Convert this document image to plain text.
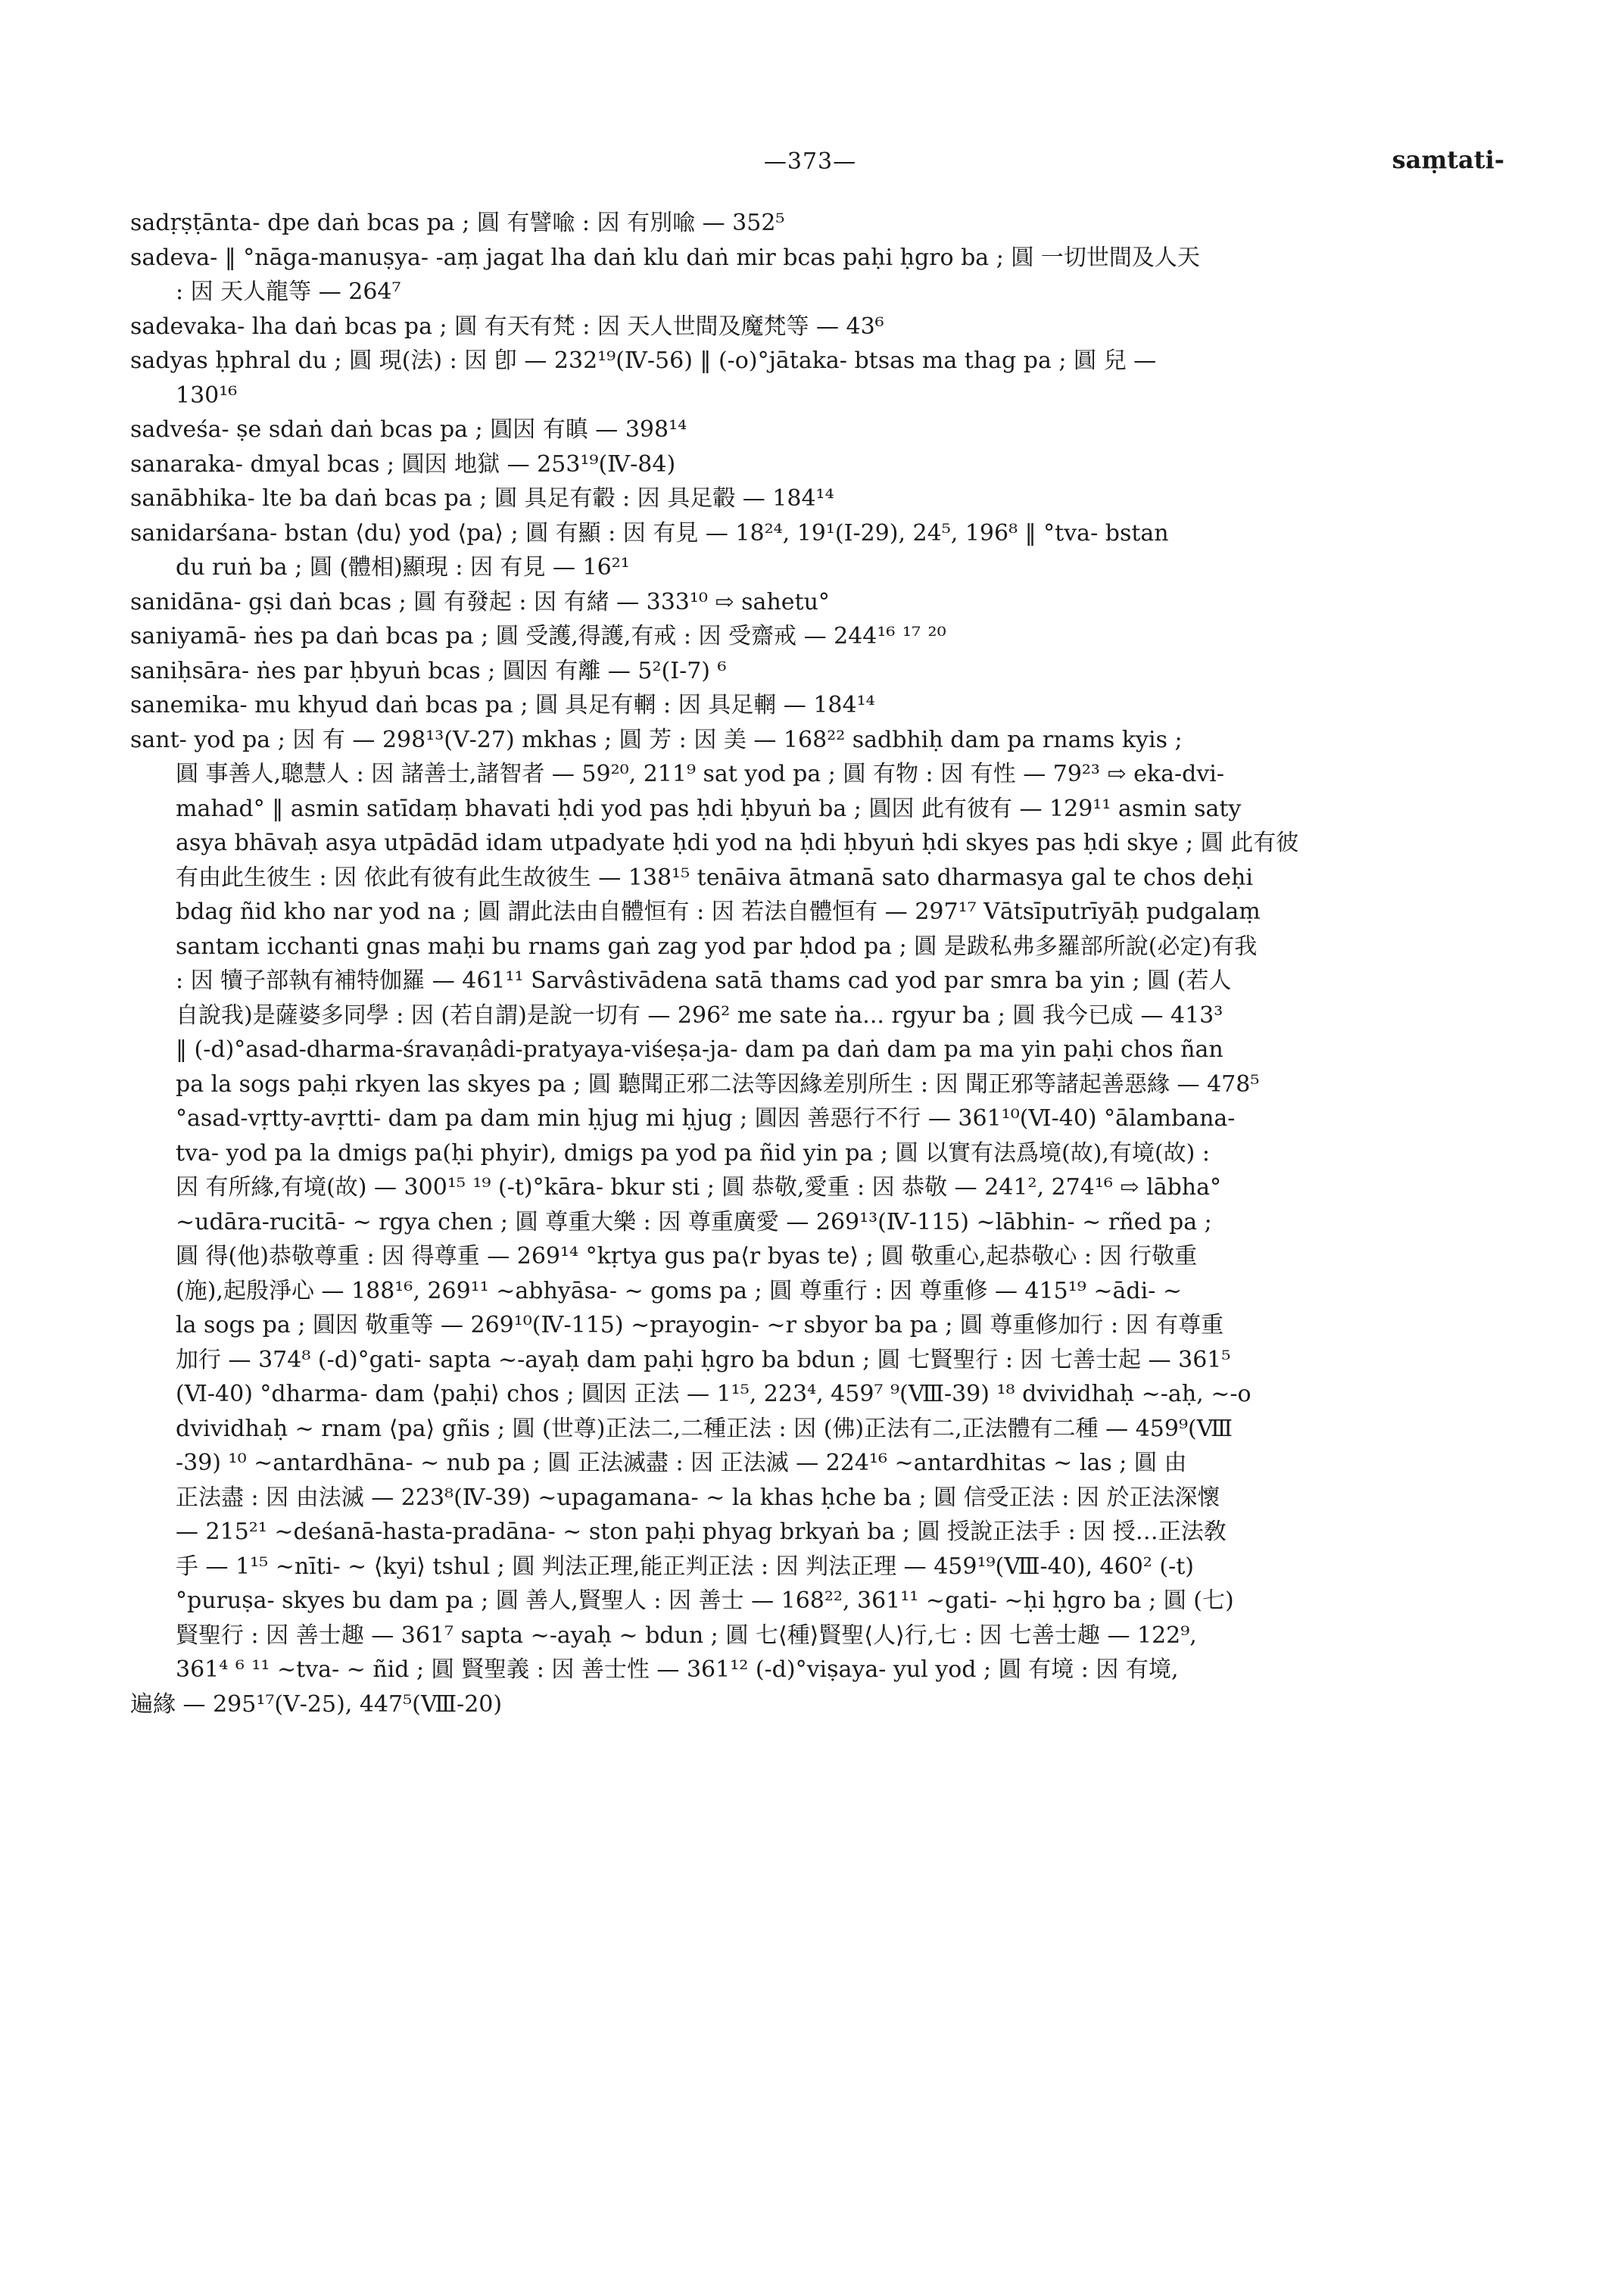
—373—	saṃtati-
sadṛṣṭānta- dpe daṅ bcas pa ; 圓 有譬喩 : 因 有別喩 — 352⁵
sadeva- ‖ °nāga-manuṣya- -aṃ jagat lha daṅ klu daṅ mir bcas paḥi ḥgro ba ; 圓 一切世間及人天
: 因 天人龍等 — 264⁷
sadevaka- lha daṅ bcas pa ; 圓 有天有梵 : 因 天人世間及魔梵等 — 43⁶
sadyas ḥphral du ; 圓 現(法) : 因 卽 — 232¹⁹(Ⅳ-56) ‖ (-o)°jātaka- btsas ma thag pa ; 圓 兒 —
130¹⁶
sadveśa- ṣe sdaṅ daṅ bcas pa ; 圓因 有瞋 — 398¹⁴
sanaraka- dmyal bcas ; 圓因 地獄 — 253¹⁹(Ⅳ-84)
sanābhika- lte ba daṅ bcas pa ; 圓 具足有轂 : 因 具足轂 — 184¹⁴
sanidarśana- bstan ⟨du⟩ yod ⟨pa⟩ ; 圓 有顯 : 因 有見 — 18²⁴, 19¹(Ⅰ-29), 24⁵, 196⁸ ‖ °tva- bstan
du ruṅ ba ; 圓 (體相)顯現 : 因 有見 — 16²¹
sanidāna- gṣi daṅ bcas ; 圓 有發起 : 因 有緒 — 333¹⁰ ⇨ sahetu°
saniyamā- ṅes pa daṅ bcas pa ; 圓 受護,得護,有戒 : 因 受齋戒 — 244¹⁶ ¹⁷ ²⁰
saniḥsāra- ṅes par ḥbyuṅ bcas ; 圓因 有離 — 5²(Ⅰ-7) ⁶
sanemika- mu khyud daṅ bcas pa ; 圓 具足有輞 : 因 具足輞 — 184¹⁴
sant- yod pa ; 因 有 — 298¹³(Ⅴ-27) mkhas ; 圓 芳 : 因 美 — 168²² sadbhiḥ dam pa rnams kyis ;
圓 事善人,聰慧人 : 因 諸善士,諸智者 — 59²⁰, 211⁹ sat yod pa ; 圓 有物 : 因 有性 — 79²³ ⇨ eka-dvi-
mahad° ‖ asmin satīdaṃ bhavati ḥdi yod pas ḥdi ḥbyuṅ ba ; 圓因 此有彼有 — 129¹¹ asmin saty
asya bhāvaḥ asya utpādād idam utpadyate ḥdi yod na ḥdi ḥbyuṅ ḥdi skyes pas ḥdi skye ; 圓 此有彼
有由此生彼生 : 因 依此有彼有此生故彼生 — 138¹⁵ tenāiva ātmanā sato dharmasya gal te chos deḥi
bdag ñid kho nar yod na ; 圓 謂此法由自體恒有 : 因 若法自體恒有 — 297¹⁷ Vātsīputrīyāḥ pudgalaṃ
santam icchanti gnas maḥi bu rnams gaṅ zag yod par ḥdod pa ; 圓 是跋私弗多羅部所說(必定)有我
: 因 犢子部執有補特伽羅 — 461¹¹ Sarvâstivādena satā thams cad yod par smra ba yin ; 圓 (若人
自說我)是薩婆多同學 : 因 (若自謂)是說一切有 — 296² me sate ṅa... rgyur ba ; 圓 我今已成 — 413³
‖ (-d)°asad-dharma-śravaṇâdi-pratyaya-viśeṣa-ja- dam pa daṅ dam pa ma yin paḥi chos ñan
pa la sogs paḥi rkyen las skyes pa ; 圓 聽聞正邪二法等因緣差別所生 : 因 聞正邪等諸起善惡緣 — 478⁵
°asad-vṛtty-avṛtti- dam pa dam min ḥjug mi ḥjug ; 圓因 善惡行不行 — 361¹⁰(Ⅵ-40) °ālambana-
tva- yod pa la dmigs pa(ḥi phyir), dmigs pa yod pa ñid yin pa ; 圓 以實有法爲境(故),有境(故) :
因 有所緣,有境(故) — 300¹⁵ ¹⁹ (-t)°kāra- bkur sti ; 圓 恭敬,愛重 : 因 恭敬 — 241², 274¹⁶ ⇨ lābha°
~udāra-rucitā- ~ rgya chen ; 圓 尊重大樂 : 因 尊重廣愛 — 269¹³(Ⅳ-115) ~lābhin- ~ rñed pa ;
圓 得(他)恭敬尊重 : 因 得尊重 — 269¹⁴ °kṛtya gus pa⟨r byas te⟩ ; 圓 敬重心,起恭敬心 : 因 行敬重
(施),起殷淨心 — 188¹⁶, 269¹¹ ~abhyāsa- ~ goms pa ; 圓 尊重行 : 因 尊重修 — 415¹⁹ ~ādi- ~
la sogs pa ; 圓因 敬重等 — 269¹⁰(Ⅳ-115) ~prayogin- ~r sbyor ba pa ; 圓 尊重修加行 : 因 有尊重
加行 — 374⁸ (-d)°gati- sapta ~-ayaḥ dam paḥi ḥgro ba bdun ; 圓 七賢聖行 : 因 七善士起 — 361⁵
(Ⅵ-40) °dharma- dam ⟨paḥi⟩ chos ; 圓因 正法 — 1¹⁵, 223⁴, 459⁷ ⁹(Ⅷ-39) ¹⁸ dvividhaḥ ~-aḥ, ~-o
dvividhaḥ ~ rnam ⟨pa⟩ gñis ; 圓 (世尊)正法二,二種正法 : 因 (佛)正法有二,正法體有二種 — 459⁹(Ⅷ
-39) ¹⁰ ~antardhāna- ~ nub pa ; 圓 正法滅盡 : 因 正法滅 — 224¹⁶ ~antardhitas ~ las ; 圓 由
正法盡 : 因 由法滅 — 223⁸(Ⅳ-39) ~upagamana- ~ la khas ḥche ba ; 圓 信受正法 : 因 於正法深懷
— 215²¹ ~deśanā-hasta-pradāna- ~ ston paḥi phyag brkyaṅ ba ; 圓 授說正法手 : 因 授…正法敎
手 — 1¹⁵ ~nīti- ~ ⟨kyi⟩ tshul ; 圓 判法正理,能正判正法 : 因 判法正理 — 459¹⁹(Ⅷ-40), 460² (-t)
°puruṣa- skyes bu dam pa ; 圓 善人,賢聖人 : 因 善士 — 168²², 361¹¹ ~gati- ~ḥi ḥgro ba ; 圓 (七)
賢聖行 : 因 善士趣 — 361⁷ sapta ~-ayaḥ ~ bdun ; 圓 七⟨種⟩賢聖⟨人⟩行,七 : 因 七善士趣 — 122⁹,
361⁴ ⁶ ¹¹ ~tva- ~ ñid ; 圓 賢聖義 : 因 善士性 — 361¹² (-d)°viṣaya- yul yod ; 圓 有境 : 因 有境,
遍緣 — 295¹⁷(Ⅴ-25), 447⁵(Ⅷ-20)
